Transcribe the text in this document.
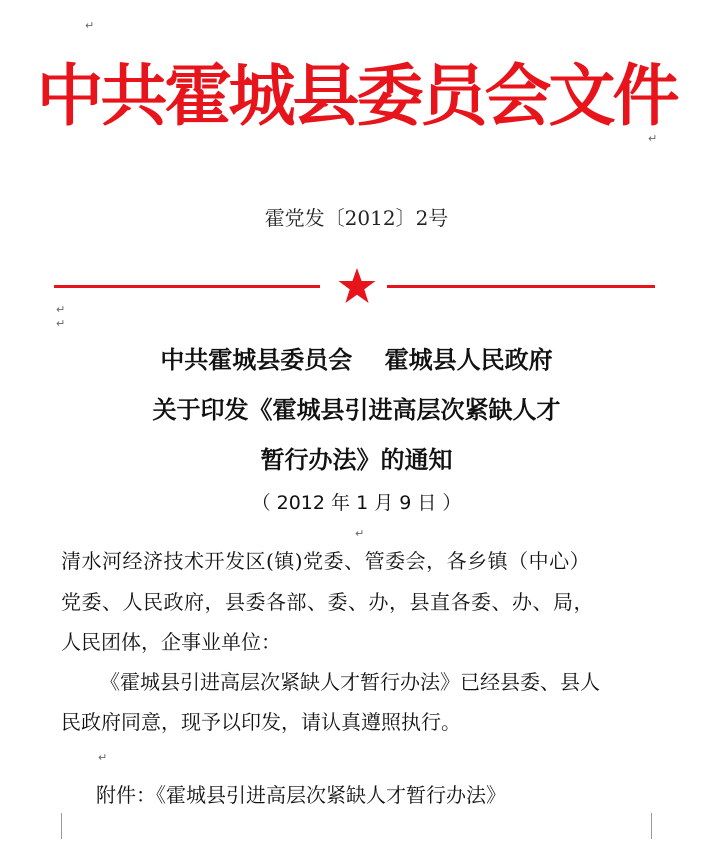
↵
中共霍城县委员会文件
↵
霍党发〔2012〕2号
↵
↵
中共霍城县委员会　 霍城县人民政府
关于印发《霍城县引进高层次紧缺人才
暂行办法》的通知
（ 2012 年 1 月 9 日 ）
↵
清水河经济技术开发区(镇)党委、管委会，各乡镇（中心）
党委、人民政府，县委各部、委、办，县直各委、办、局，
人民团体，企事业单位：
《霍城县引进高层次紧缺人才暂行办法》已经县委、县人
民政府同意，现予以印发，请认真遵照执行。
↵
附件：《霍城县引进高层次紧缺人才暂行办法》
